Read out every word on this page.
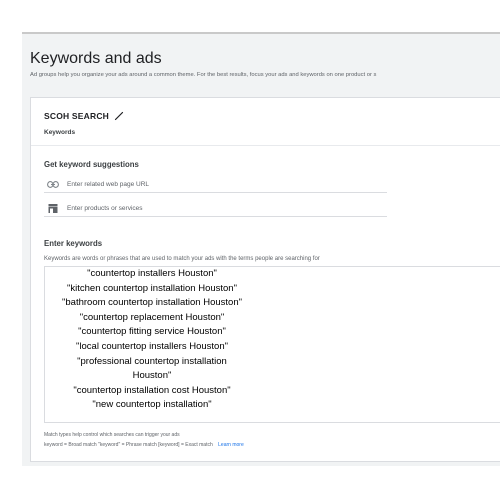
Keywords and ads
Ad groups help you organize your ads around a common theme. For the best results, focus your ads and keywords on one product or s
SCOH SEARCH
Keywords
Get keyword suggestions
Enter related web page URL
Enter products or services
Enter keywords
Keywords are words or phrases that are used to match your ads with the terms people are searching for
"countertop installers Houston"
"kitchen countertop installation Houston"
"bathroom countertop installation Houston"
"countertop replacement Houston"
"countertop fitting service Houston"
"local countertop installers Houston"
"professional countertop installation
Houston"
"countertop installation cost Houston"
"new countertop installation"
Match types help control which searches can trigger your ads
keyword = Broad match "keyword" = Phrase match [keyword] = Exact match Learn more
